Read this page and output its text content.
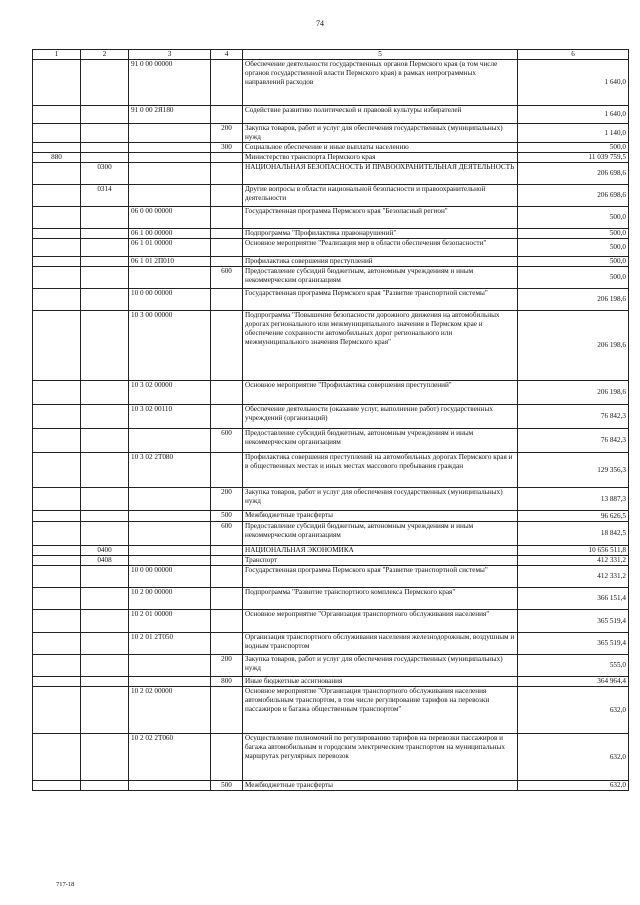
74
1	2	3	4	5	6
		91 0 00 00000		Обеспечение деятельности государственных органов Пермского края (в том числе органов государственной власти Пермского края) в рамках непрограммных направлений расходов	1 640,0
		91 0 00 2Я180		Содействие развитию политической и правовой культуры избирателей	1 640,0
			200	Закупка товаров, работ и услуг для обеспечения государственных (муниципальных) нужд	1 140,0
			300	Социальное обеспечение и иные выплаты населению	500,0
880				Министерство транспорта Пермского края	11 039 759,5
	0300			НАЦИОНАЛЬНАЯ БЕЗОПАСНОСТЬ И ПРАВООХРАНИТЕЛЬНАЯ ДЕЯТЕЛЬНОСТЬ	206 698,6
	0314			Другие вопросы в области национальной безопасности и правоохранительной деятельности	206 698,6
		06 0 00 00000		Государственная программа Пермского края "Безопасный регион"	500,0
		06 1 00 00000		Подпрограмма "Профилактика правонарушений"	500,0
		06 1 01 00000		Основное мероприятие "Реализация мер в области обеспечения безопасности"	500,0
		06 1 01 2П010		Профилактика совершения преступлений	500,0
			600	Предоставление субсидий бюджетным, автономным учреждениям и иным некоммерческим организациям	500,0
		10 0 00 00000		Государственная программа Пермского края "Развитие транспортной системы"	206 198,6
		10 3 00 00000		Подпрограмма "Повышение безопасности дорожного движения на автомобильных дорогах регионального или межмуниципального значения в Пермском крае и обеспечение сохранности автомобильных дорог регионального или межмуниципального значения Пермского края"	206 198,6
		10 3 02 00000		Основное мероприятие "Профилактика совершения преступлений"	206 198,6
		10 3 02 00110		Обеспечение деятельности (оказание услуг, выполнение работ) государственных учреждений (организаций)	76 842,3
			600	Предоставление субсидий бюджетным, автономным учреждениям и иным некоммерческим организациям	76 842,3
		10 3 02 2Т080		Профилактика совершения преступлений на автомобильных дорогах Пермского края и в общественных местах и иных местах массового пребывания граждан	129 356,3
			200	Закупка товаров, работ и услуг для обеспечения государственных (муниципальных) нужд	13 887,3
			500	Межбюджетные трансферты	96 626,5
			600	Предоставление субсидий бюджетным, автономным учреждениям и иным некоммерческим организациям	18 842,5
	0400			НАЦИОНАЛЬНАЯ ЭКОНОМИКА	10 656 511,8
	0408			Транспорт	412 331,2
		10 0 00 00000		Государственная программа Пермского края "Развитие транспортной системы"	412 331,2
		10 2 00 00000		Подпрограмма "Развитие транспортного комплекса Пермского края"	366 151,4
		10 2 01 00000		Основное мероприятие "Организация транспортного обслуживания населения"	365 519,4
		10 2 01 2Т050		Организация транспортного обслуживания населения железнодорожным, воздушным и водным транспортом	365 519,4
			200	Закупка товаров, работ и услуг для обеспечения государственных (муниципальных) нужд	555,0
			800	Иные бюджетные ассигнования	364 964,4
		10 2 02 00000		Основное мероприятие "Организация транспортного обслуживания населения автомобильным транспортом, в том числе регулирование тарифов на перевозки пассажиров и багажа общественным транспортом"	632,0
		10 2 02 2Т060		Осуществление полномочий по регулированию тарифов на перевозки пассажиров и багажа автомобильным и городским электрическим транспортом на муниципальных маршрутах регулярных перевозок	632,0
			500	Межбюджетные трансферты	632,0
717-18
